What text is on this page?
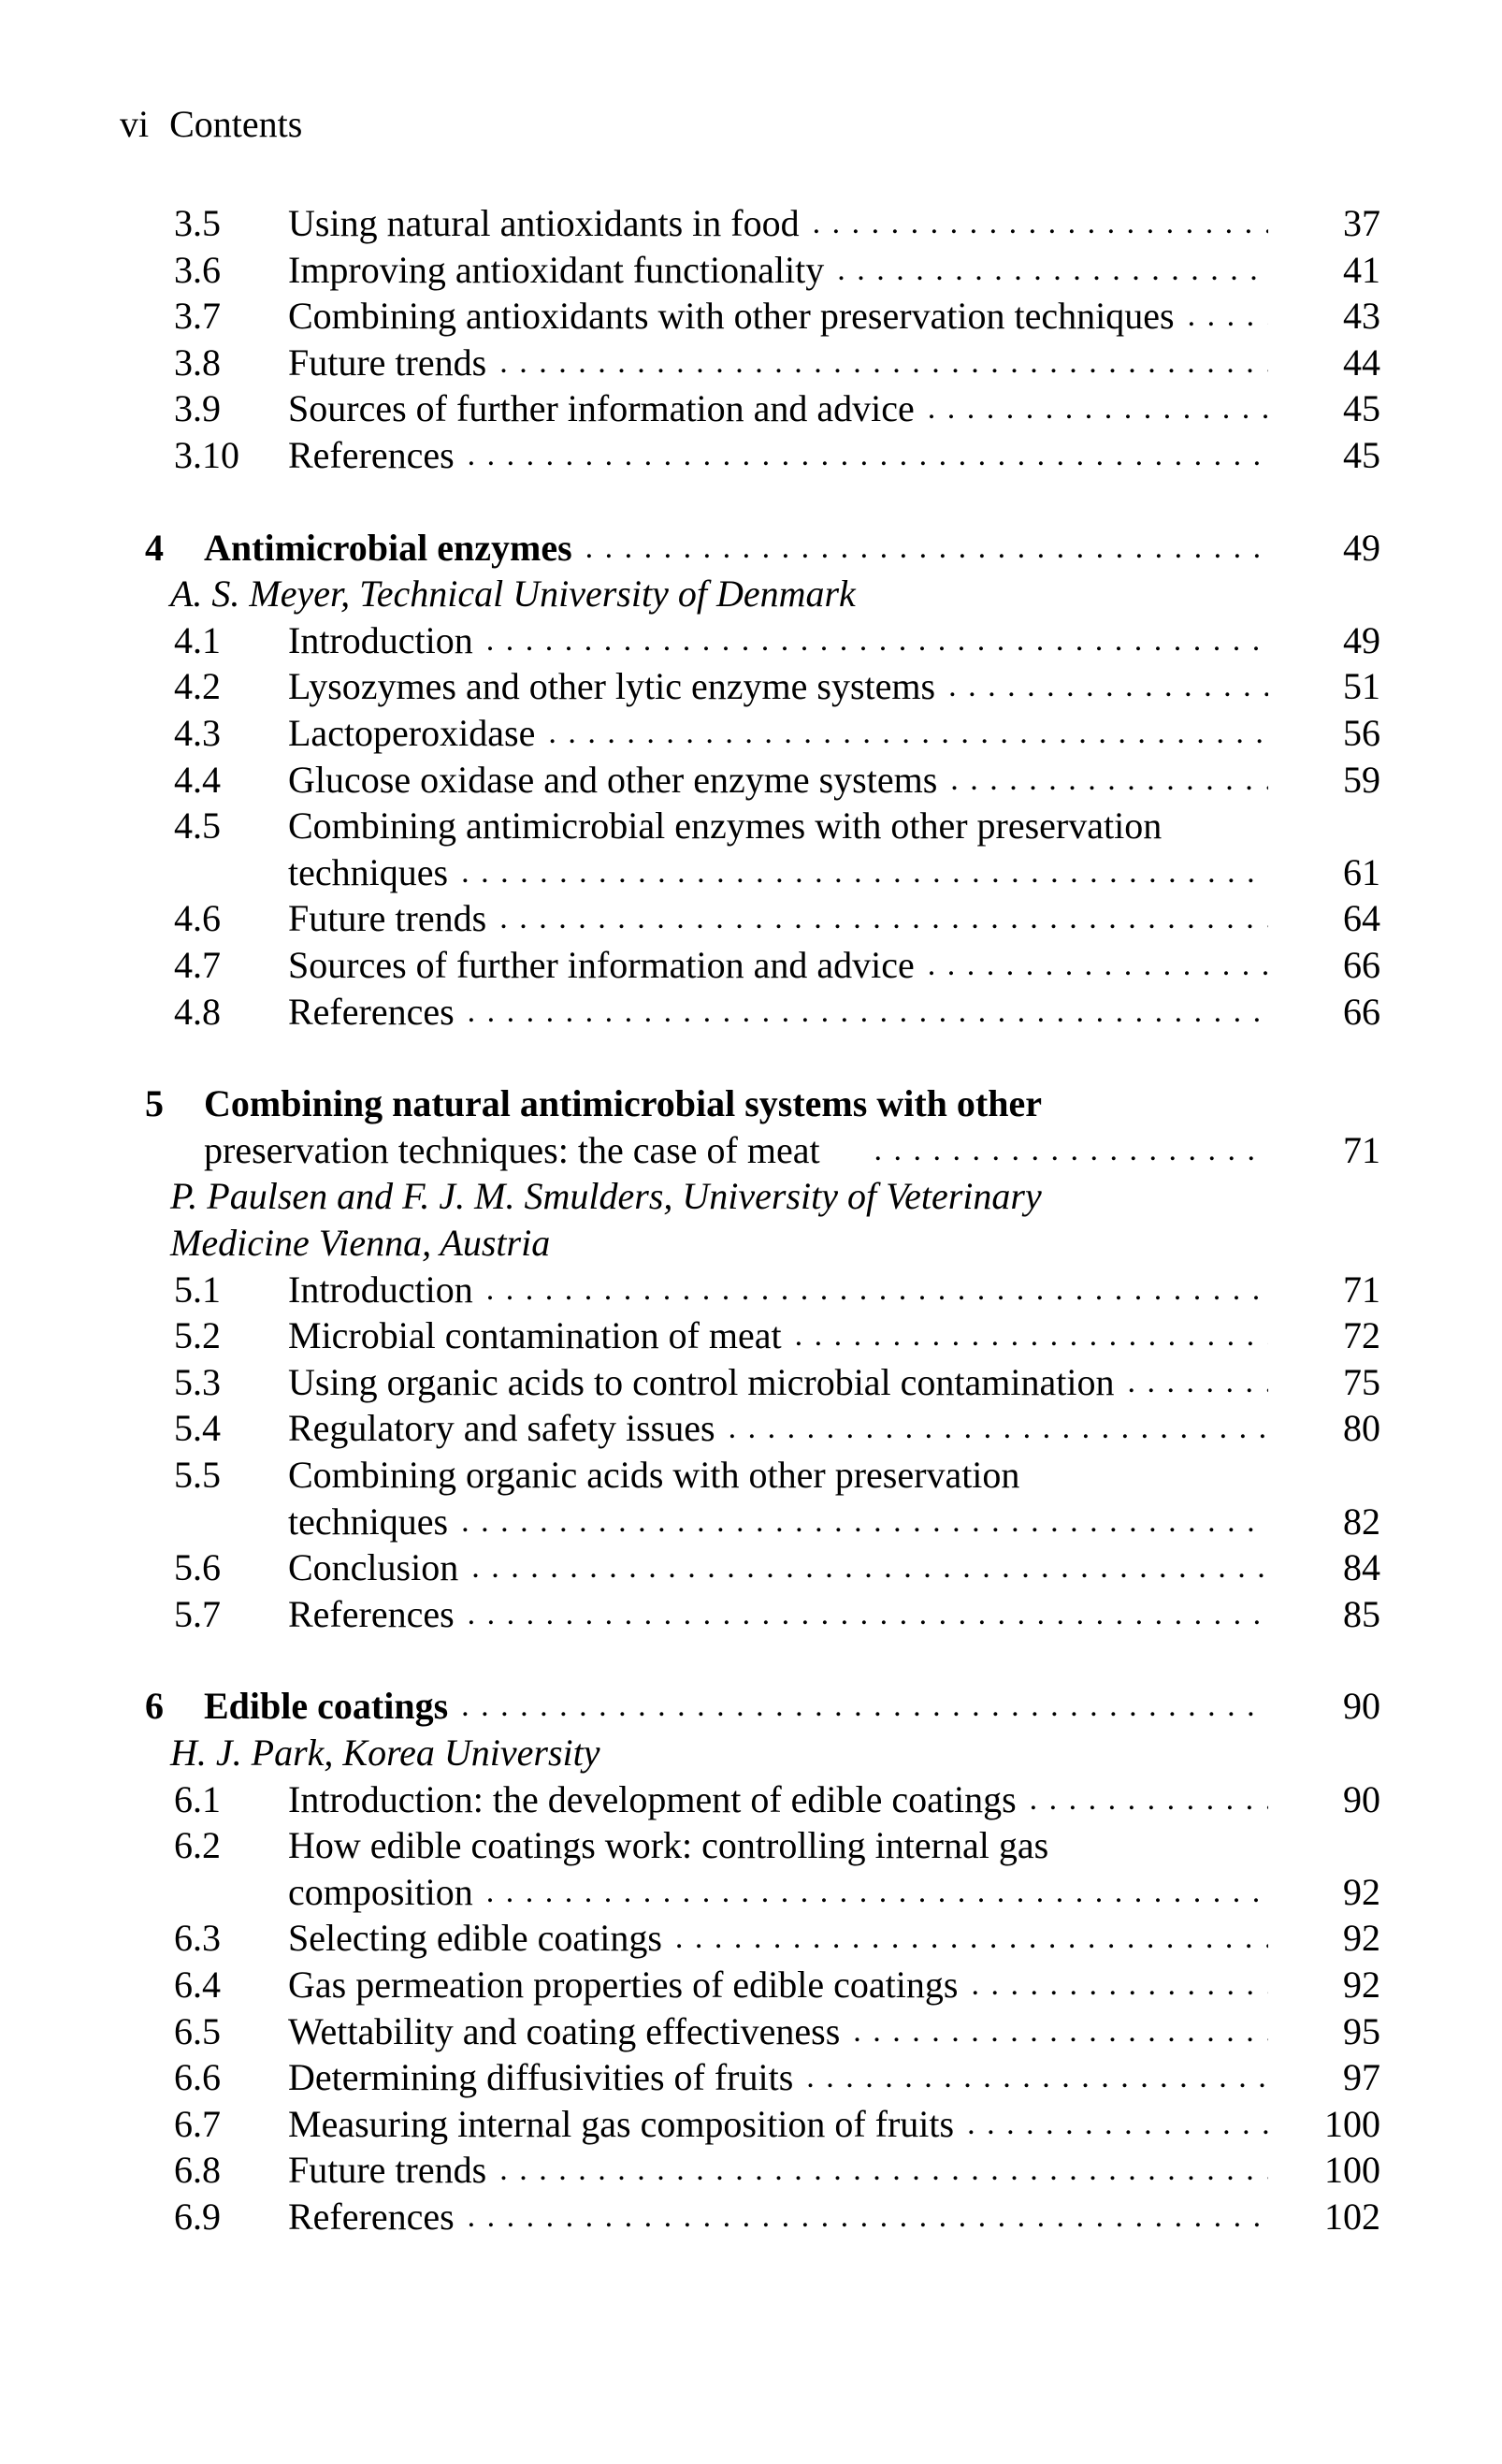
vi Contents
3.5 Using natural antioxidants in food . . .	37
3.6 Improving antioxidant functionality . . .	41
3.7 Combining antioxidants with other preservation techniques . . .	43
3.8 Future trends . . .	44
3.9 Sources of further information and advice . . .	45
3.10 References . . .	45
4 Antimicrobial enzymes . . .	49
A. S. Meyer, Technical University of Denmark
4.1 Introduction . . .	49
4.2 Lysozymes and other lytic enzyme systems . . .	51
4.3 Lactoperoxidase . . .	56
4.4 Glucose oxidase and other enzyme systems . . .	59
4.5 Combining antimicrobial enzymes with other preservation
techniques . . .	61
4.6 Future trends . . .	64
4.7 Sources of further information and advice . . .	66
4.8 References . . .	66
5 Combining natural antimicrobial systems with other
preservation techniques: the case of meat . . .	71
P. Paulsen and F. J. M. Smulders, University of Veterinary
Medicine Vienna, Austria
5.1 Introduction . . .	71
5.2 Microbial contamination of meat . . .	72
5.3 Using organic acids to control microbial contamination . . .	75
5.4 Regulatory and safety issues . . .	80
5.5 Combining organic acids with other preservation
techniques . . .	82
5.6 Conclusion . . .	84
5.7 References . . .	85
6 Edible coatings . . .	90
H. J. Park, Korea University
6.1 Introduction: the development of edible coatings . . .	90
6.2 How edible coatings work: controlling internal gas
composition . . .	92
6.3 Selecting edible coatings . . .	92
6.4 Gas permeation properties of edible coatings . . .	92
6.5 Wettability and coating effectiveness . . .	95
6.6 Determining diffusivities of fruits . . .	97
6.7 Measuring internal gas composition of fruits . . .	100
6.8 Future trends . . .	100
6.9 References . . .	102
